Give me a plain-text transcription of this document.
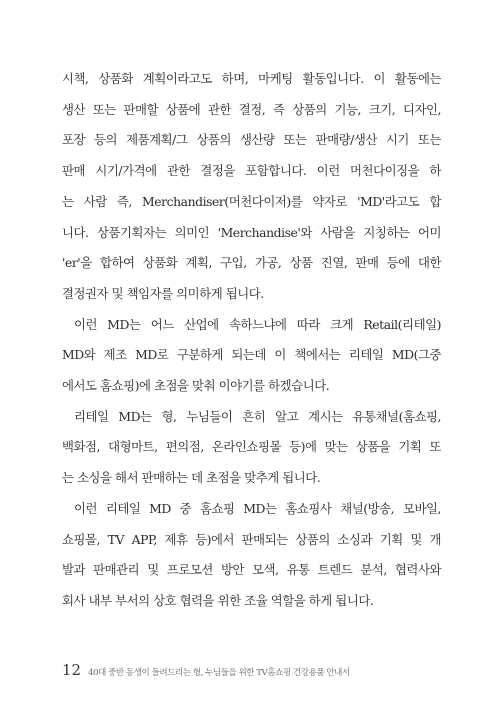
시책, 상품화 계획이라고도 하며, 마케팅 활동입니다. 이 활동에는
생산 또는 판매할 상품에 관한 결정, 즉 상품의 기능, 크기, 디자인,
포장 등의 제품계획/그 상품의 생산량 또는 판매량/생산 시기 또는
판매 시기/가격에 관한 결정을 포함합니다. 이런 머천다이징을 하
는 사람 즉, Merchandiser(머천다이저)를 약자로 'MD'라고도 합
니다. 상품기획자는 의미인 'Merchandise'와 사람을 지칭하는 어미
'er'을 합하여 상품화 계획, 구입, 가공, 상품 진열, 판매 등에 대한
결정권자 및 책임자를 의미하게 됩니다.

이런 MD는 어느 산업에 속하느냐에 따라 크게 Retail(리테일)
MD와 제조 MD로 구분하게 되는데 이 책에서는 리테일 MD(그중
에서도 홈쇼핑)에 초점을 맞춰 이야기를 하겠습니다.

리테일 MD는 형, 누님들이 흔히 알고 계시는 유통채널(홈쇼핑,
백화점, 대형마트, 편의점, 온라인쇼핑몰 등)에 맞는 상품을 기획 또
는 소싱을 해서 판매하는 데 초점을 맞추게 됩니다.

이런 리테일 MD 중 홈쇼핑 MD는 홈쇼핑사 채널(방송, 모바일,
쇼핑몰, TV APP, 제휴 등)에서 판매되는 상품의 소싱과 기획 및 개
발과 판매관리 및 프로모션 방안 모색, 유통 트렌드 분석, 협력사와
회사 내부 부서의 상호 협력을 위한 조율 역할을 하게 됩니다.

12 40대 중반 동생이 들려드리는 형, 누님들을 위한 TV홈쇼핑 건강용품 안내서
